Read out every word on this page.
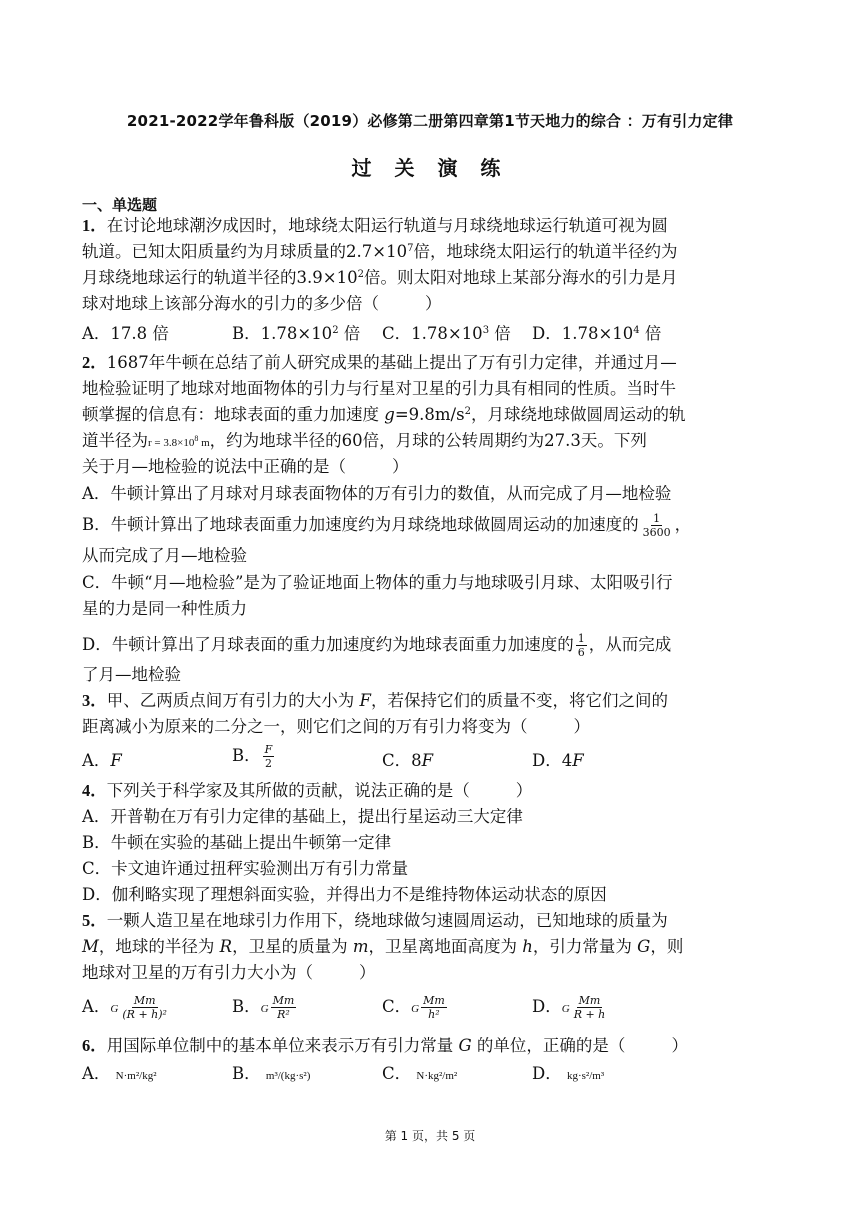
2021-2022学年鲁科版（2019）必修第二册第四章第1节天地力的综合 ：万有引力定律
过 关 演 练
一、单选题
1．在讨论地球潮汐成因时，地球绕太阳运行轨道与月球绕地球运行轨道可视为圆
轨道。已知太阳质量约为月球质量的$2.7\times 10^7$倍，地球绕太阳运行的轨道半径约为
月球绕地球运行的轨道半径的$3.9\times 10^2$倍。则太阳对地球上某部分海水的引力是月
球对地球上该部分海水的引力的多少倍（	）
A．17.8 倍	B．$1.78\times 10^2$ 倍 C．$1.78\times 10^3$ 倍 D．$1.78\times 10^4$ 倍
2．1687年牛顿在总结了前人研究成果的基础上提出了万有引力定律，并通过月—
地检验证明了地球对地面物体的引力与行星对卫星的引力具有相同的性质。当时牛
顿掌握的信息有：地球表面的重力加速度 $g=9.8m/s^2$，月球绕地球做圆周运动的轨
道半径为$r = 3.8\times 10^8$ m，约为地球半径的60倍，月球的公转周期约为27.3天。下列
关于月—地检验的说法中正确的是（	）
A．牛顿计算出了月球对月球表面物体的万有引力的数值，从而完成了月—地检验
B．牛顿计算出了地球表面重力加速度约为月球绕地球做圆周运动的加速度的 $\frac{1}{3600}$ ，
从而完成了月—地检验
C．牛顿“月—地检验”是为了验证地面上物体的重力与地球吸引月球、太阳吸引行
星的力是同一种性质力
D．牛顿计算出了月球表面的重力加速度约为地球表面重力加速度的 $\frac{1}{6}$ ，从而完成
了月—地检验
3．甲、乙两质点间万有引力的大小为 F，若保持它们的质量不变，将它们之间的
距离减小为原来的二分之一，则它们之间的万有引力将变为（	）
A．F	B． $\frac{F}{2}$	C．8F	D．4F
4．下列关于科学家及其所做的贡献，说法正确的是（	）
A．开普勒在万有引力定律的基础上，提出行星运动三大定律
B．牛顿在实验的基础上提出牛顿第一定律
C．卡文迪许通过扭秤实验测出万有引力常量
D．伽利略实现了理想斜面实验，并得出力不是维持物体运动状态的原因
5．一颗人造卫星在地球引力作用下，绕地球做匀速圆周运动，已知地球的质量为
M，地球的半径为 R，卫星的质量为 m，卫星离地面高度为 h，引力常量为 G，则
地球对卫星的万有引力大小为（	）
A．G $\frac{Mm}{\text{(R + h)²}}$	B．G $\frac{Mm}{\text{R²}}$	C．G $\frac{Mm}{\text{h²}}$	D．G $\frac{Mm}{R + h}$
6．用国际单位制中的基本单位来表示万有引力常量 G 的单位，正确的是（	）
A． N·m²/kg²	B． m³/(kg·s²)	C． N·kg²/m²	D． kg·s²/m³
第 1 页，共 5 页
